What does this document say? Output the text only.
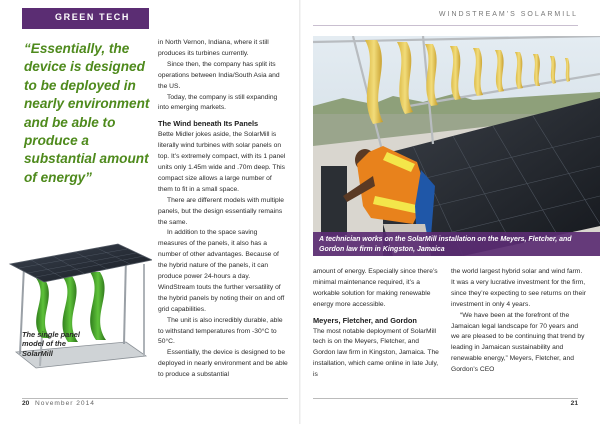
GREEN TECH
“Essentially, the device is designed to be deployed in nearly environment and be able to produce a substantial amount of energy”

in North Vernon, Indiana, where it still produces its turbines currently.

Since then, the company has split its operations between India/South Asia and the US.

Today, the company is still expanding into emerging markets.

The Wind beneath Its Panels

Bette Midler jokes aside, the SolarMill is literally wind turbines with solar panels on top. It’s extremely compact, with its 1 panel units only 1.45m wide and .70m deep. This compact size allows a large number of them to fit in a small space.

There are different models with multiple panels, but the design essentially remains the same.

In addition to the space saving measures of the panels, it also has a number of other advantages. Because of the hybrid nature of the panels, it can produce power 24-hours a day. WindStream touts the further versatility of the hybrid panels by noting their on and off grid capabilities.

The unit is also incredibly durable, able to withstand temperatures from -30°C to 50°C.

Essentially, the device is designed to be deployed in nearly environment and be able to produce a substantial

The single panel model of the SolarMill
20 November 2014
WINDSTREAM'S SOLARMILL
A technician works on the SolarMill installation on the Meyers, Fletcher, and Gordon law firm in Kingston, Jamaica

amount of energy. Especially since there’s minimal maintenance required, it’s a workable solution for making renewable energy more accessible.

Meyers, Fletcher, and Gordon

The most notable deployment of SolarMill tech is on the Meyers, Fletcher, and Gordon law firm in Kingston, Jamaica. The installation, which came online in late July, is

the world largest hybrid solar and wind farm. It was a very lucrative investment for the firm, since they’re expecting to see returns on their investment in only 4 years.

“We have been at the forefront of the Jamaican legal landscape for 70 years and we are pleased to be continuing that trend by leading in Jamaican sustainability and renewable energy,” Meyers, Fletcher, and Gordon’s CEO

21
